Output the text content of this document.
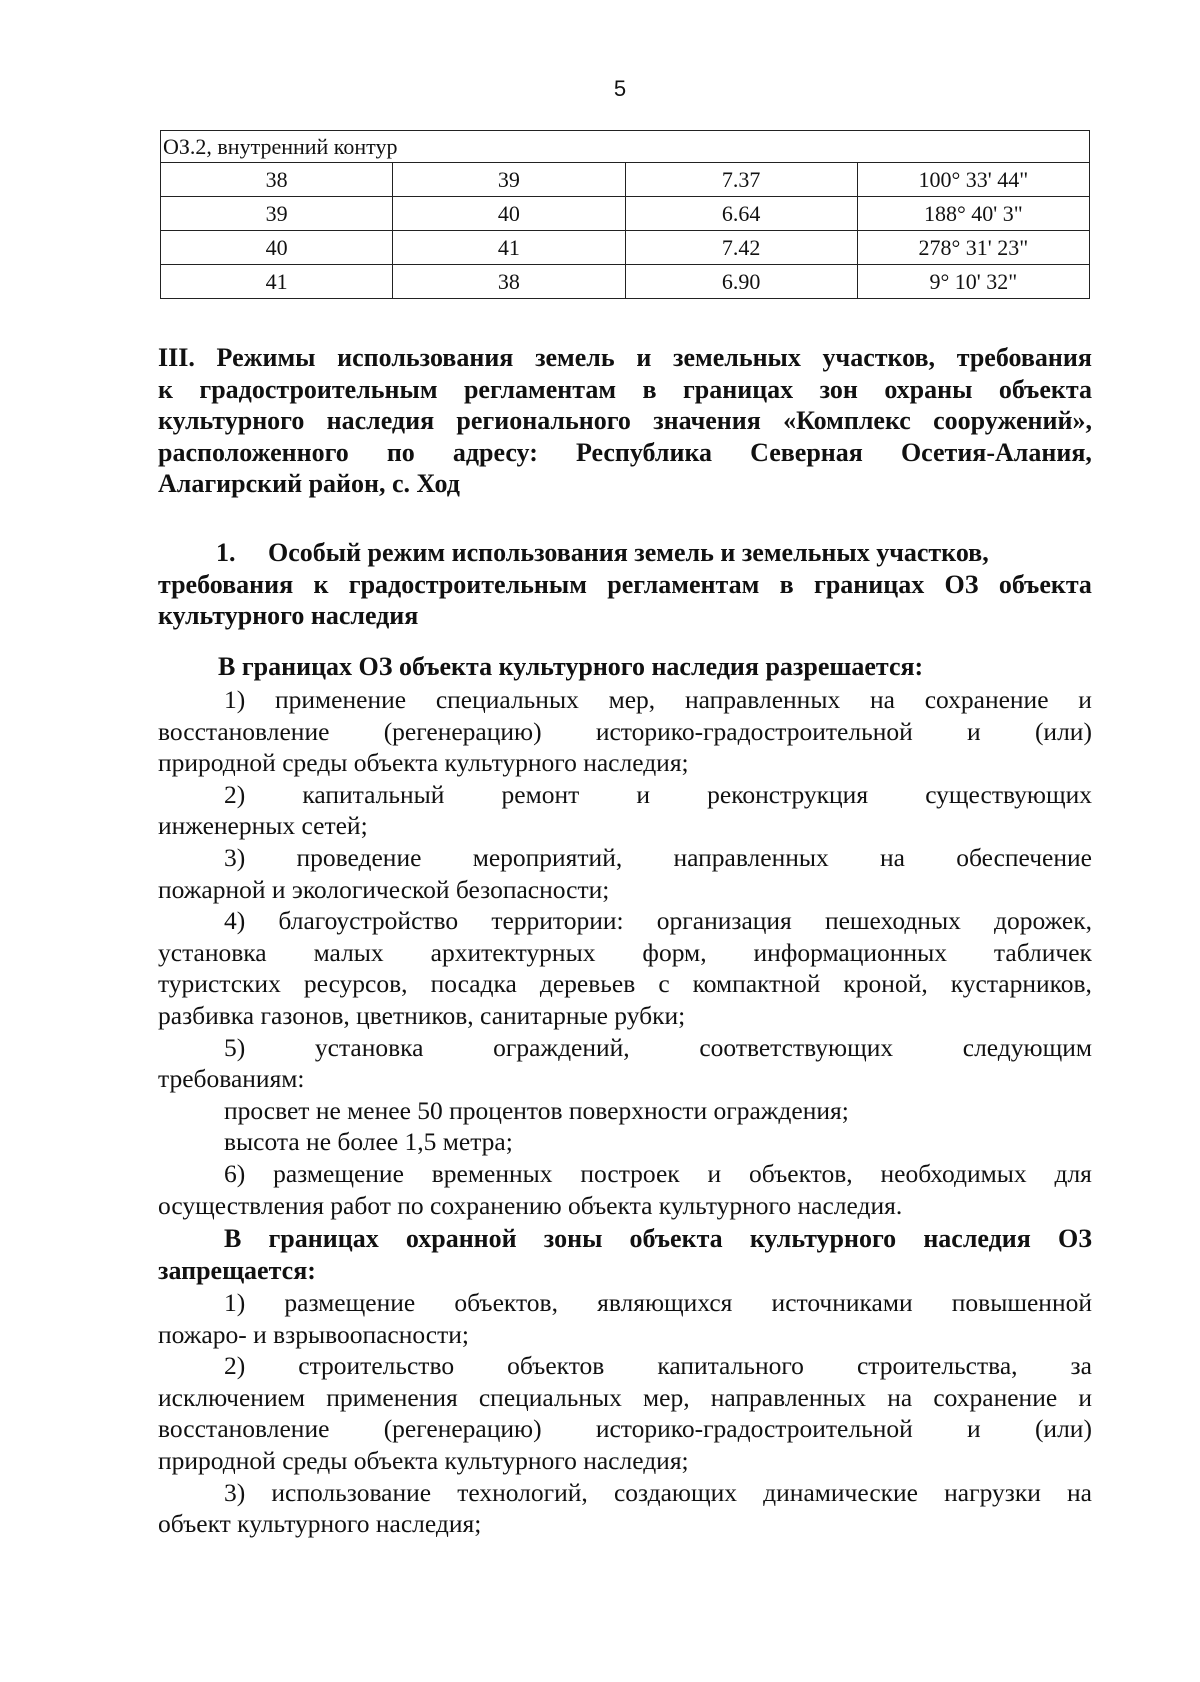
5
ОЗ.2, внутренний контур			
38	39	7.37	100° 33' 44"
39	40	6.64	188° 40' 3"
40	41	7.42	278° 31' 23"
41	38	6.90	9° 10' 32"
III. Режимы использования земель и земельных участков, требования
к градостроительным регламентам в границах зон охраны объекта
культурного наследия регионального значения «Комплекс сооружений»,
расположенного по адресу: Республика Северная Осетия-Алания,
Алагирский район, с. Ход
1. Особый режим использования земель и земельных участков,
требования к градостроительным регламентам в границах ОЗ объекта
культурного наследия
В границах ОЗ объекта культурного наследия разрешается:
1) применение специальных мер, направленных на сохранение и
восстановление (регенерацию) историко-градостроительной и (или)
природной среды объекта культурного наследия;
2) капитальный ремонт и реконструкция существующих
инженерных сетей;
3) проведение мероприятий, направленных на обеспечение
пожарной и экологической безопасности;
4) благоустройство территории: организация пешеходных дорожек,
установка малых архитектурных форм, информационных табличек
туристских ресурсов, посадка деревьев с компактной кроной, кустарников,
разбивка газонов, цветников, санитарные рубки;
5)	установка	ограждений,	соответствующих	следующим
требованиям:
просвет не менее 50 процентов поверхности ограждения;
высота не более 1,5 метра;
6) размещение временных построек и объектов, необходимых для
осуществления работ по сохранению объекта культурного наследия.
В границах охранной зоны объекта культурного наследия ОЗ
запрещается:
1) размещение объектов, являющихся источниками повышенной
пожаро- и взрывоопасности;
2) строительство объектов капитального строительства, за
исключением применения специальных мер, направленных на сохранение и
восстановление (регенерацию) историко-градостроительной и (или)
природной среды объекта культурного наследия;
3) использование технологий, создающих динамические нагрузки на
объект культурного наследия;
